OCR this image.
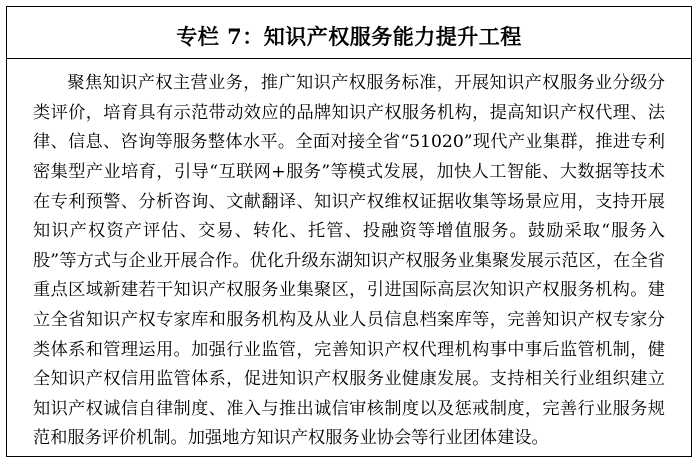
专栏 7：知识产权服务能力提升工程
聚焦知识产权主营业务，推广知识产权服务标准，开展知识产权服务业分级分类评价，培育具有示范带动效应的品牌知识产权服务机构，提高知识产权代理、法律、信息、咨询等服务整体水平。全面对接全省“51020”现代产业集群，推进专利密集型产业培育，引导“互联网+服务”等模式发展，加快人工智能、大数据等技术在专利预警、分析咨询、文献翻译、知识产权维权证据收集等场景应用，支持开展知识产权资产评估、交易、转化、托管、投融资等增值服务。鼓励采取“服务入股”等方式与企业开展合作。优化升级东湖知识产权服务业集聚发展示范区，在全省重点区域新建若干知识产权服务业集聚区，引进国际高层次知识产权服务机构。建立全省知识产权专家库和服务机构及从业人员信息档案库等，完善知识产权专家分类体系和管理运用。加强行业监管，完善知识产权代理机构事中事后监管机制，健全知识产权信用监管体系，促进知识产权服务业健康发展。支持相关行业组织建立知识产权诚信自律制度、准入与推出诚信审核制度以及惩戒制度，完善行业服务规范和服务评价机制。加强地方知识产权服务业协会等行业团体建设。
